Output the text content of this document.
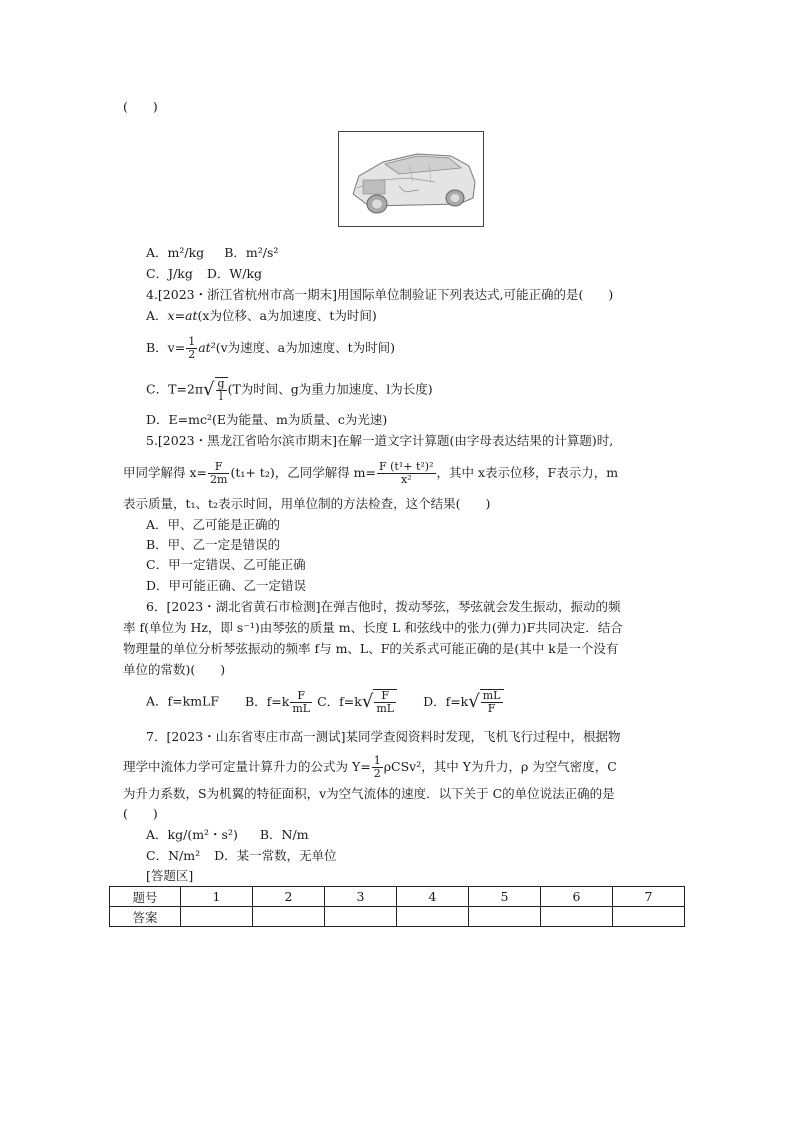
(　　)
A．m²/kg B．m²/s²
C．J/kg D．W/kg
4.[2023・浙江省杭州市高一期末]用国际单位制验证下列表达式,可能正确的是(　　)
A．x=at(x为位移、a为加速度、t为时间)
B．$v= \frac{1}{2} at^2(v$为速度、a为加速度、t为时间)
C．$T=2\pi√ \frac{g}{l} (T$为时间、g为重力加速度、l为长度)
D．E=mc²(E为能量、m为质量、c为光速)
5.[2023・黑龙江省哈尔滨市期末]在解一道文字计算题(由字母表达结果的计算题)时,
甲同学解得 $x= \frac{F}{2m} (t_1+ t_2)$，乙同学解得 $m= \frac{\text{F (t¹+ t²)²}}{\text{x²}}$ ，其中 x表示位移，F表示力，m
表示质量，t₁、t₂表示时间，用单位制的方法检查，这个结果(　　)
A．甲、乙可能是正确的
B．甲、乙一定是错误的
C．甲一定错误、乙可能正确
D．甲可能正确、乙一定错误
6．[2023・湖北省黄石市检测]在弹吉他时，拨动琴弦，琴弦就会发生振动，振动的频
率 f(单位为 Hz，即 s⁻¹)由琴弦的质量 m、长度 L 和弦线中的张力(弹力)F共同决定．结合
物理量的单位分析琴弦振动的频率 f与 m、L、F的关系式可能正确的是(其中 k是一个没有
单位的常数)(　　)
A．f=kmLF B．$f=k \frac{F}{mL}$ C．$f=k√ \frac{F}{mL}$ D．$f=k√ \frac{mL}{F}$
7．[2023・山东省枣庄市高一测试]某同学查阅资料时发现，飞机飞行过程中，根据物
理学中流体力学可定量计算升力的公式为 $Y= \frac{1}{2} \rho CSv^2$，其中 Y为升力，ρ 为空气密度，C
为升力系数，S为机翼的特征面积，v为空气流体的速度．以下关于 C的单位说法正确的是
(　　)
A．kg/(m²・s²) B．N/m
C．N/m² D．某一常数，无单位
[答题区]
题号	1	2	3	4	5	6	7
答案							
